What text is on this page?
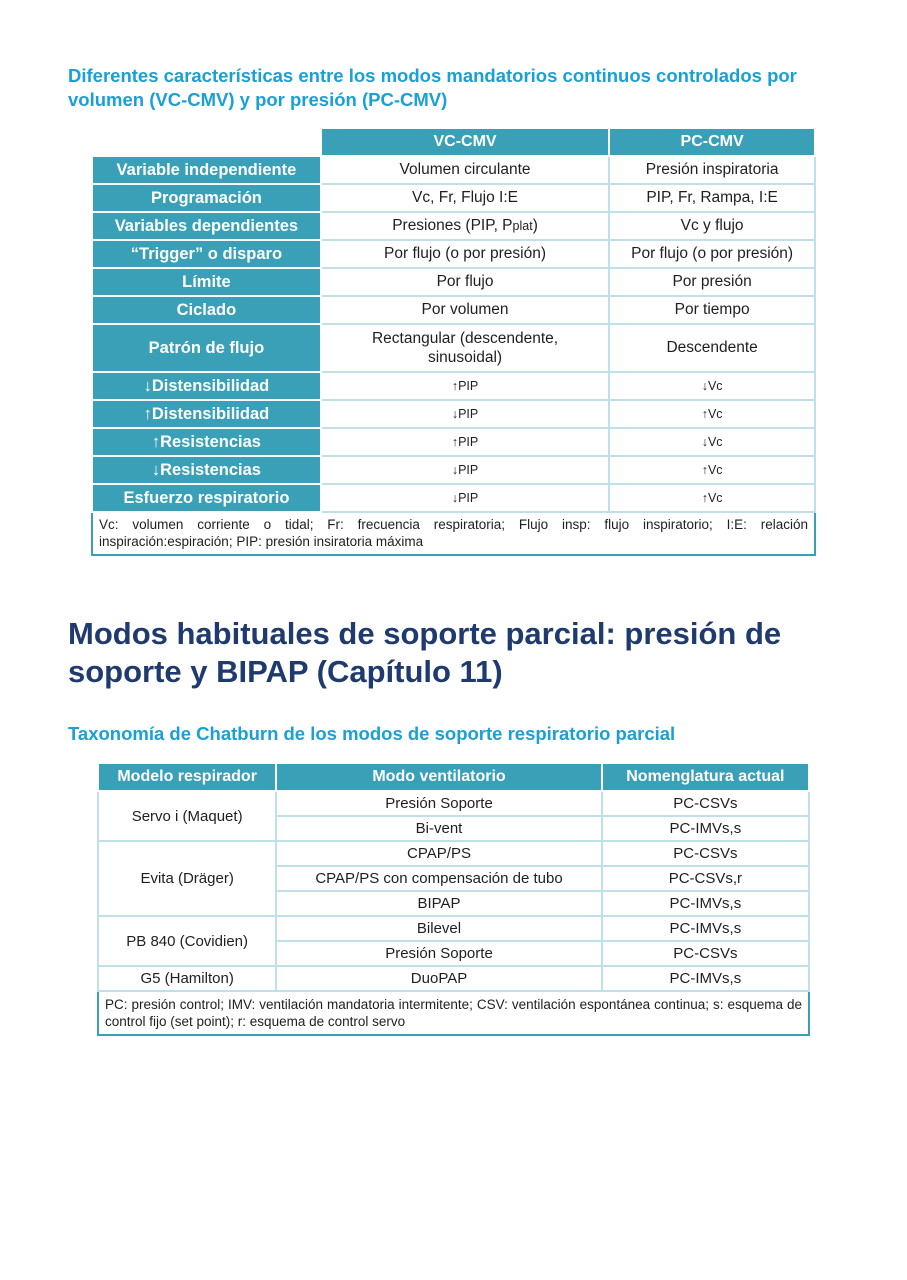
Diferentes características entre los modos mandatorios continuos controlados por volumen (VC-CMV) y por presión (PC-CMV)
	VC-CMV	PC-CMV
Variable independiente	Volumen circulante	Presión inspiratoria
Programación	Vc, Fr, Flujo I:E	PIP, Fr, Rampa, I:E
Variables dependientes	Presiones (PIP, Pplat)	Vc y flujo
“Trigger” o disparo	Por flujo (o por presión)	Por flujo (o por presión)
Límite	Por flujo	Por presión
Ciclado	Por volumen	Por tiempo
Patrón de flujo	Rectangular (descendente, sinusoidal)	Descendente
↓Distensibilidad	↑PIP	↓Vc
↑Distensibilidad	↓PIP	↑Vc
↑Resistencias	↑PIP	↓Vc
↓Resistencias	↓PIP	↑Vc
Esfuerzo respiratorio	↓PIP	↑Vc
Vc: volumen corriente o tidal; Fr: frecuencia respiratoria; Flujo insp: flujo inspiratorio; I:E: relación inspiración:espiración; PIP: presión insiratoria máxima		
Modos habituales de soporte parcial: presión de soporte y BIPAP (Capítulo 11)
Taxonomía de Chatburn de los modos de soporte respiratorio parcial
Modelo respirador	Modo ventilatorio	Nomenglatura actual
Servo i (Maquet)	Presión Soporte	PC-CSVs
	Bi-vent	PC-IMVs,s
Evita (Dräger)	CPAP/PS	PC-CSVs
	CPAP/PS con compensación de tubo	PC-CSVs,r
	BIPAP	PC-IMVs,s
PB 840 (Covidien)	Bilevel	PC-IMVs,s
	Presión Soporte	PC-CSVs
G5 (Hamilton)	DuoPAP	PC-IMVs,s
PC: presión control; IMV: ventilación mandatoria intermitente; CSV: ventilación espontánea continua; s: esquema de control fijo (set point); r: esquema de control servo		
